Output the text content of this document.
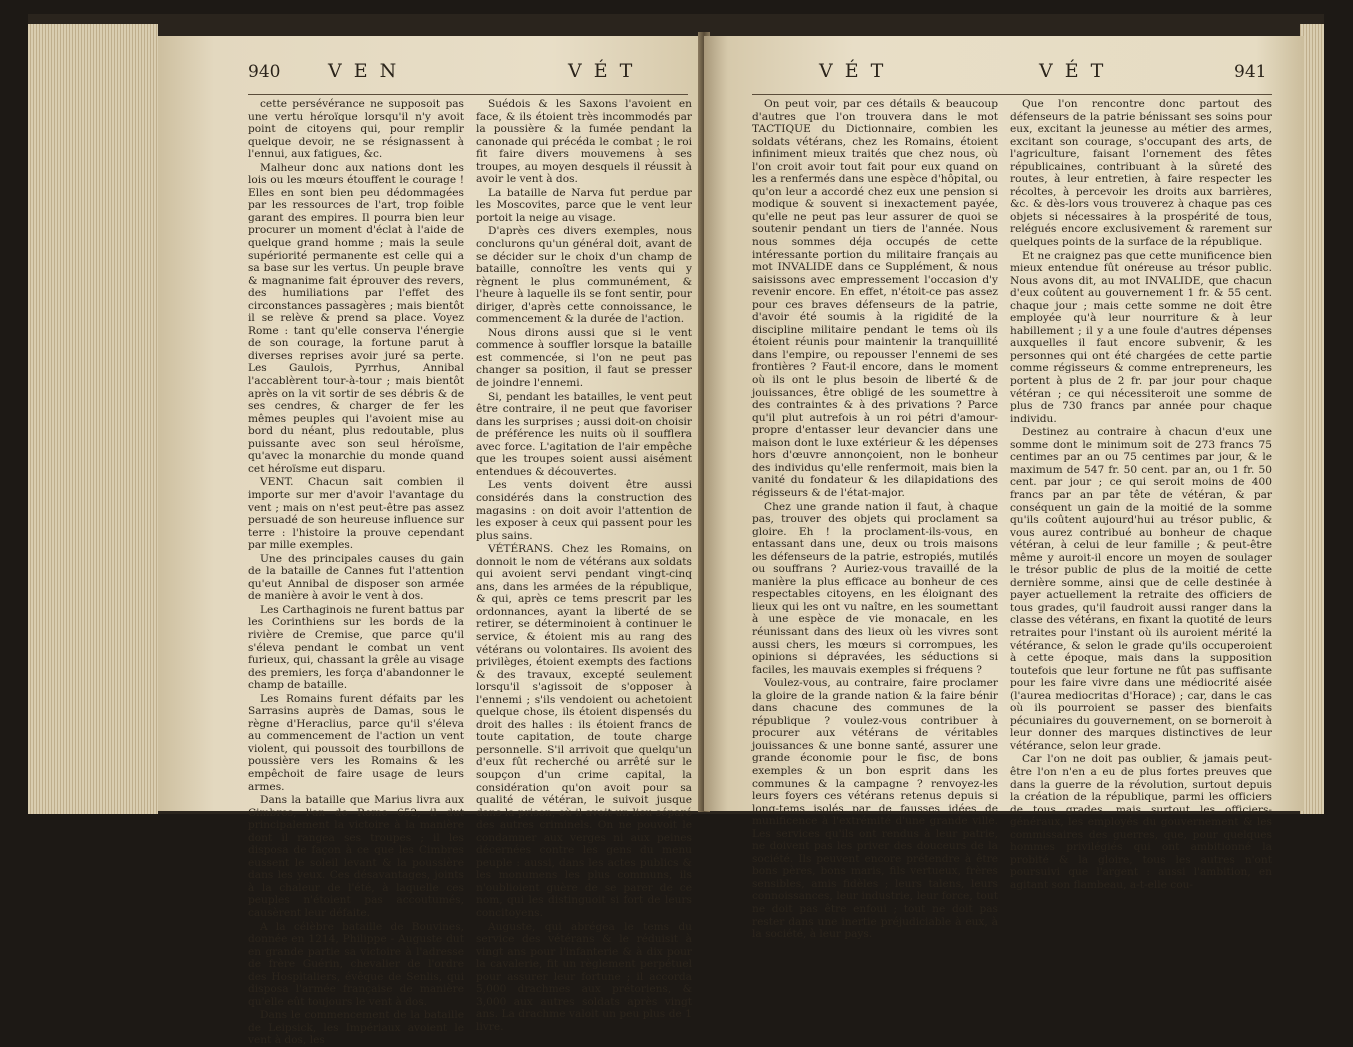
940	V E N	V É T

cette persévérance ne supposoit pas une vertu héroïque lorsqu'il n'y avoit point de citoyens qui, pour remplir quelque devoir, ne se résignassent à l'ennui, aux fatigues, &c.

Malheur donc aux nations dont les lois ou les mœurs étouffent le courage ! Elles en sont bien peu dédommagées par les ressources de l'art, trop foible garant des empires. Il pourra bien leur procurer un moment d'éclat à l'aide de quelque grand homme ; mais la seule supériorité permanente est celle qui a sa base sur les vertus. Un peuple brave & magnanime fait éprouver des revers, des humiliations par l'effet des circonstances passagères ; mais bientôt il se relève & prend sa place. Voyez Rome : tant qu'elle conserva l'énergie de son courage, la fortune parut à diverses reprises avoir juré sa perte. Les Gaulois, Pyrrhus, Annibal l'accablèrent tour-à-tour ; mais bientôt après on la vit sortir de ses débris & de ses cendres, & charger de fer les mêmes peuples qui l'avoient mise au bord du néant, plus redoutable, plus puissante avec son seul héroïsme, qu'avec la monarchie du monde quand cet héroïsme eut disparu.

VENT. Chacun sait combien il importe sur mer d'avoir l'avantage du vent ; mais on n'est peut-être pas assez persuadé de son heureuse influence sur terre : l'histoire la prouve cependant par mille exemples.

Une des principales causes du gain de la bataille de Cannes fut l'attention qu'eut Annibal de disposer son armée de manière à avoir le vent à dos.

Les Carthaginois ne furent battus par les Corinthiens sur les bords de la rivière de Cremise, que parce qu'il s'éleva pendant le combat un vent furieux, qui, chassant la grêle au visage des premiers, les força d'abandonner le champ de bataille.

Les Romains furent défaits par les Sarrasins auprès de Damas, sous le règne d'Heraclius, parce qu'il s'éleva au commencement de l'action un vent violent, qui poussoit des tourbillons de poussière vers les Romains & les empêchoit de faire usage de leurs armes.

Dans la bataille que Marius livra aux Cimbres, l'an de Rome 652, il dut principalement la victoire à la manière dont il rangea ses troupes ; il les disposa de façon à ce que les Cimbres eussent le soleil levant & la poussière dans les yeux. Ces désavantages, joints à la chaleur de l'été, à laquelle ces peuples n'étoient pas accoutumés, causèrent leur défaite.

A la célèbre bataille de Bouvines, donnée en 1214, Philippe - Auguste dut en grande partie sa victoire à l'adresse de frère Guérin, chevalier de l'ordre des Hospitaliers, évêque de Senlis, qui disposa l'armée française de manière qu'elle eût toujours le vent à dos.

Dans le commencement de la bataille de Leipsick, les Impériaux avoient le vent à dos, les

Suédois & les Saxons l'avoient en face, & ils étoient très incommodés par la poussière & la fumée pendant la canonade qui précéda le combat ; le roi fit faire divers mouvemens à ses troupes, au moyen desquels il réussit à avoir le vent à dos.

La bataille de Narva fut perdue par les Moscovites, parce que le vent leur portoit la neige au visage.

D'après ces divers exemples, nous conclurons qu'un général doit, avant de se décider sur le choix d'un champ de bataille, connoître les vents qui y règnent le plus communément, & l'heure à laquelle ils se font sentir, pour diriger, d'après cette connoissance, le commencement & la durée de l'action.

Nous dirons aussi que si le vent commence à souffler lorsque la bataille est commencée, si l'on ne peut pas changer sa position, il faut se presser de joindre l'ennemi.

Si, pendant les batailles, le vent peut être contraire, il ne peut que favoriser dans les surprises ; aussi doit-on choisir de préférence les nuits où il soufflera avec force. L'agitation de l'air empêche que les troupes soient aussi aisément entendues & découvertes.

Les vents doivent être aussi considérés dans la construction des magasins : on doit avoir l'attention de les exposer à ceux qui passent pour les plus sains.

VÉTÉRANS. Chez les Romains, on donnoit le nom de vétérans aux soldats qui avoient servi pendant vingt-cinq ans, dans les armées de la république, & qui, après ce tems prescrit par les ordonnances, ayant la liberté de se retirer, se déterminoient à continuer le service, & étoient mis au rang des vétérans ou volontaires. Ils avoient des privilèges, étoient exempts des factions & des travaux, excepté seulement lorsqu'il s'agissoit de s'opposer à l'ennemi ; s'ils vendoient ou achetoient quelque chose, ils étoient dispensés du droit des halles : ils étoient francs de toute capitation, de toute charge personnelle. S'il arrivoit que quelqu'un d'eux fût recherché ou arrêté sur le soupçon d'un crime capital, la considération qu'on avoit pour sa qualité de vétéran, le suivoit jusque dans la prison, où il avoit un lieu séparé des autres criminels. On ne pouvoit le condamner aux verges ni aux peines décernées contre les gens du menu peuple : aussi, dans les actes publics & les monumens les plus communs, ils n'oublioient guère de se parer de ce nom, qui les distinguoit si fort de leurs concitoyens.

Auguste, qui abrégea le tems du service des vétérans & le réduisit à vingt ans pour l'infanterie & à dix pour la cavalerie, fit un règlement perpétuel pour assurer leur fortune ; il accorda 5,000 drachmes aux prétoriens, & 3,000 aux autres soldats après vingt ans. La drachme valoit un peu plus de 1 livre.

V É T	V É T	941

On peut voir, par ces détails & beaucoup d'autres que l'on trouvera dans le mot TACTIQUE du Dictionnaire, combien les soldats vétérans, chez les Romains, étoient infiniment mieux traités que chez nous, où l'on croit avoir tout fait pour eux quand on les a renfermés dans une espèce d'hôpital, ou qu'on leur a accordé chez eux une pension si modique & souvent si inexactement payée, qu'elle ne peut pas leur assurer de quoi se soutenir pendant un tiers de l'année. Nous nous sommes déja occupés de cette intéressante portion du militaire français au mot INVALIDE dans ce Supplément, & nous saisissons avec empressement l'occasion d'y revenir encore. En effet, n'étoit-ce pas assez pour ces braves défenseurs de la patrie, d'avoir été soumis à la rigidité de la discipline militaire pendant le tems où ils étoient réunis pour maintenir la tranquillité dans l'empire, ou repousser l'ennemi de ses frontières ? Faut-il encore, dans le moment où ils ont le plus besoin de liberté & de jouissances, être obligé de les soumettre à des contraintes & à des privations ? Parce qu'il plut autrefois à un roi pétri d'amour-propre d'entasser leur devancier dans une maison dont le luxe extérieur & les dépenses hors d'œuvre annonçoient, non le bonheur des individus qu'elle renfermoit, mais bien la vanité du fondateur & les dilapidations des régisseurs & de l'état-major.

Chez une grande nation il faut, à chaque pas, trouver des objets qui proclament sa gloire. Eh ! la proclament-ils-vous, en entassant dans une, deux ou trois maisons les défenseurs de la patrie, estropiés, mutilés ou souffrans ? Auriez-vous travaillé de la manière la plus efficace au bonheur de ces respectables citoyens, en les éloignant des lieux qui les ont vu naître, en les soumettant à une espèce de vie monacale, en les réunissant dans des lieux où les vivres sont aussi chers, les mœurs si corrompues, les opinions si dépravées, les séductions si faciles, les mauvais exemples si fréquens ?

Voulez-vous, au contraire, faire proclamer la gloire de la grande nation & la faire bénir dans chacune des communes de la république ? voulez-vous contribuer à procurer aux vétérans de véritables jouissances & une bonne santé, assurer une grande économie pour le fisc, de bons exemples & un bon esprit dans les communes & la campagne ? renvoyez-les leurs foyers ces vétérans retenus depuis si long-tems isolés par de fausses idées de munificence à l'extrémité d'une grande ville. Les services qu'ils ont rendus à leur patrie, ne doivent pas les priver des douceurs de la société. Ils peuvent encore prétendre à être bons pères, bons maris, fils vertueux, frères sensibles, amis fidèles ; leurs talens, leurs connoissances, leur industrie, leur force, tout ne doit pas être enfoui ; tout ne doit pas rester dans une inertie préjudiciable à eux, à la société, à leur pays.

Que l'on rencontre donc partout des défenseurs de la patrie bénissant ses soins pour eux, excitant la jeunesse au métier des armes, excitant son courage, s'occupant des arts, de l'agriculture, faisant l'ornement des fêtes républicaines, contribuant à la sûreté des routes, à leur entretien, à faire respecter les récoltes, à percevoir les droits aux barrières, &c. & dès-lors vous trouverez à chaque pas ces objets si nécessaires à la prospérité de tous, relégués encore exclusivement & rarement sur quelques points de la surface de la république.

Et ne craignez pas que cette munificence bien mieux entendue fût onéreuse au trésor public. Nous avons dit, au mot INVALIDE, que chacun d'eux coûtent au gouvernement 1 fr. & 55 cent. chaque jour ; mais cette somme ne doit être employée qu'à leur nourriture & à leur habillement ; il y a une foule d'autres dépenses auxquelles il faut encore subvenir, & les personnes qui ont été chargées de cette partie comme régisseurs & comme entrepreneurs, les portent à plus de 2 fr. par jour pour chaque vétéran ; ce qui nécessiteroit une somme de plus de 730 francs par année pour chaque individu.

Destinez au contraire à chacun d'eux une somme dont le minimum soit de 273 francs 75 centimes par an ou 75 centimes par jour, & le maximum de 547 fr. 50 cent. par an, ou 1 fr. 50 cent. par jour ; ce qui seroit moins de 400 francs par an par tête de vétéran, & par conséquent un gain de la moitié de la somme qu'ils coûtent aujourd'hui au trésor public, & vous aurez contribué au bonheur de chaque vétéran, à celui de leur famille ; & peut-être même y auroit-il encore un moyen de soulager le trésor public de plus de la moitié de cette dernière somme, ainsi que de celle destinée à payer actuellement la retraite des officiers de tous grades, qu'il faudroit aussi ranger dans la classe des vétérans, en fixant la quotité de leurs retraites pour l'instant où ils auroient mérité la vétérance, & selon le grade qu'ils occuperoient à cette époque, mais dans la supposition toutefois que leur fortune ne fût pas suffisante pour les faire vivre dans une médiocrité aisée (l'aurea mediocritas d'Horace) ; car, dans le cas où ils pourroient se passer des bienfaits pécuniaires du gouvernement, on se borneroit à leur donner des marques distinctives de leur vétérance, selon leur grade.

Car l'on ne doit pas oublier, & jamais peut-être l'on n'en a eu de plus fortes preuves que dans la guerre de la révolution, surtout depuis la création de la république, parmi les officiers de tous grades, mais surtout les officiers-généraux, les employés du gouvernement & les commissaires des guerres, que, pour quelques hommes privilégiés qui ont ambitionné la probité & la gloire, tous les autres n'ont poursuivi que l'argent : aussi l'ambition, en agitant son flambeau, a-t-elle cou-
